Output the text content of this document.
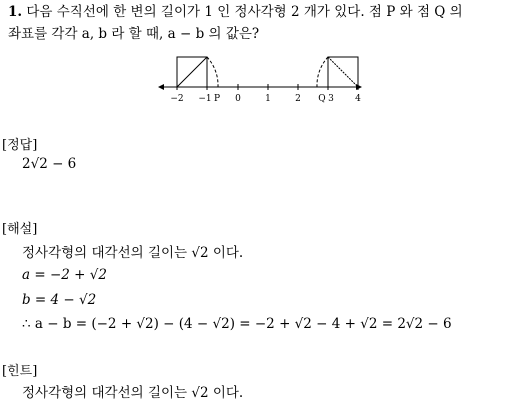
1. 다음 수직선에 한 변의 길이가 1 인 정사각형 2 개가 있다. 점 P 와 점 Q 의
좌표를 각각 a, b 라 할 때, a − b 의 값은?
−2 −1	0	1	2	3 4
P	Q
[정답]
2√2 − 6
[해설]
정사각형의 대각선의 길이는 √2 이다.
a = −2 + √2
b = 4 − √2
∴ a − b = (−2 + √2) − (4 − √2) = −2 + √2 − 4 + √2 = 2√2 − 6
[힌트]
정사각형의 대각선의 길이는 √2 이다.
